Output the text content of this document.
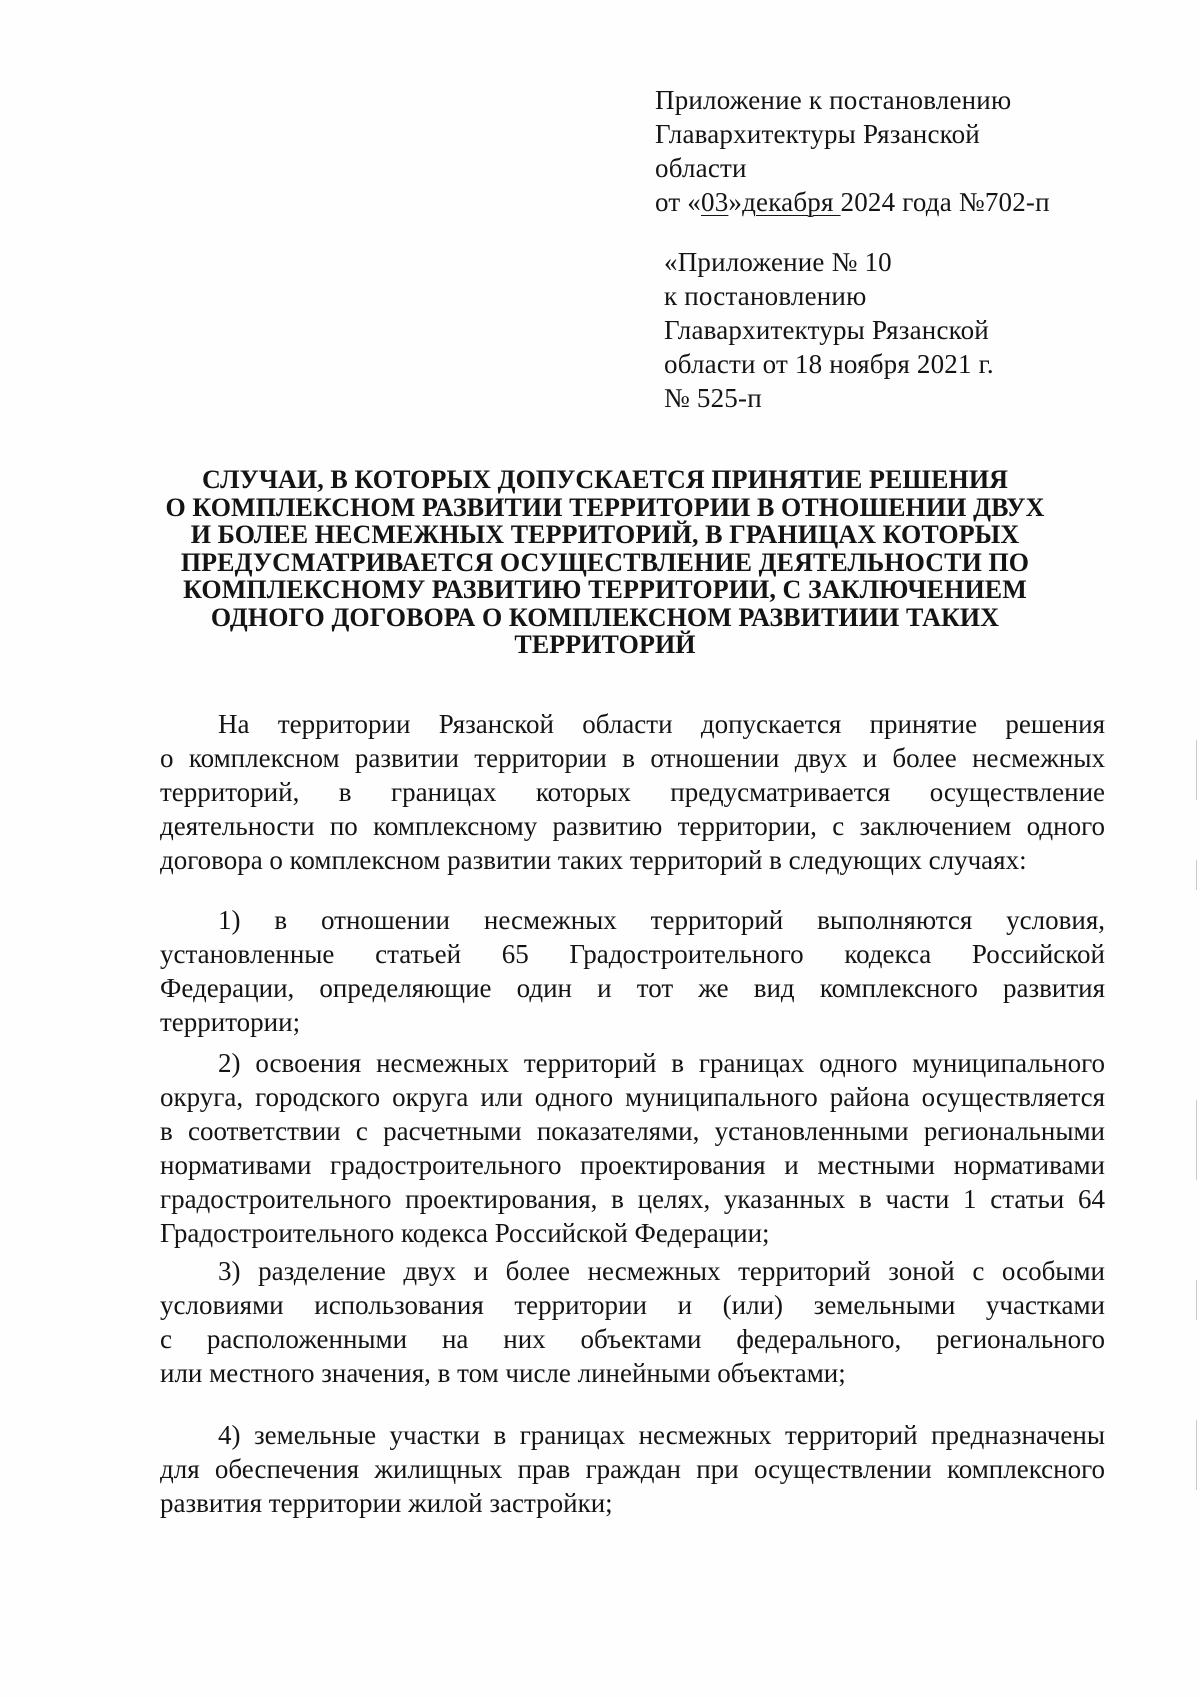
Приложение к постановлению
Главархитектуры Рязанской
области
от «03»декабря 2024 года №702-п
«Приложение № 10
к постановлению
Главархитектуры Рязанской
области от 18 ноября 2021 г.
№ 525-п
СЛУЧАИ, В КОТОРЫХ ДОПУСКАЕТСЯ ПРИНЯТИЕ РЕШЕНИЯ
О КОМПЛЕКСНОМ РАЗВИТИИ ТЕРРИТОРИИ В ОТНОШЕНИИ ДВУХ
И БОЛЕЕ НЕСМЕЖНЫХ ТЕРРИТОРИЙ, В ГРАНИЦАХ КОТОРЫХ
ПРЕДУСМАТРИВАЕТСЯ ОСУЩЕСТВЛЕНИЕ ДЕЯТЕЛЬНОСТИ ПО
КОМПЛЕКСНОМУ РАЗВИТИЮ ТЕРРИТОРИИ, С ЗАКЛЮЧЕНИЕМ
ОДНОГО ДОГОВОРА О КОМПЛЕКСНОМ РАЗВИТИИИ ТАКИХ
ТЕРРИТОРИЙ
На территории Рязанской области допускается принятие решения
о комплексном развитии территории в отношении двух и более несмежных
территорий, в границах которых предусматривается осуществление
деятельности по комплексному развитию территории, с заключением одного
договора о комплексном развитии таких территорий в следующих случаях:
1) в отношении несмежных территорий выполняются условия,
установленные статьей 65 Градостроительного кодекса Российской
Федерации, определяющие один и тот же вид комплексного развития
территории;
2) освоения несмежных территорий в границах одного муниципального
округа, городского округа или одного муниципального района осуществляется
в соответствии с расчетными показателями, установленными региональными
нормативами градостроительного проектирования и местными нормативами
градостроительного проектирования, в целях, указанных в части 1 статьи 64
Градостроительного кодекса Российской Федерации;
3) разделение двух и более несмежных территорий зоной с особыми
условиями использования территории и (или) земельными участками
с расположенными на них объектами федерального, регионального
или местного значения, в том числе линейными объектами;
4) земельные участки в границах несмежных территорий предназначены
для обеспечения жилищных прав граждан при осуществлении комплексного
развития территории жилой застройки;
